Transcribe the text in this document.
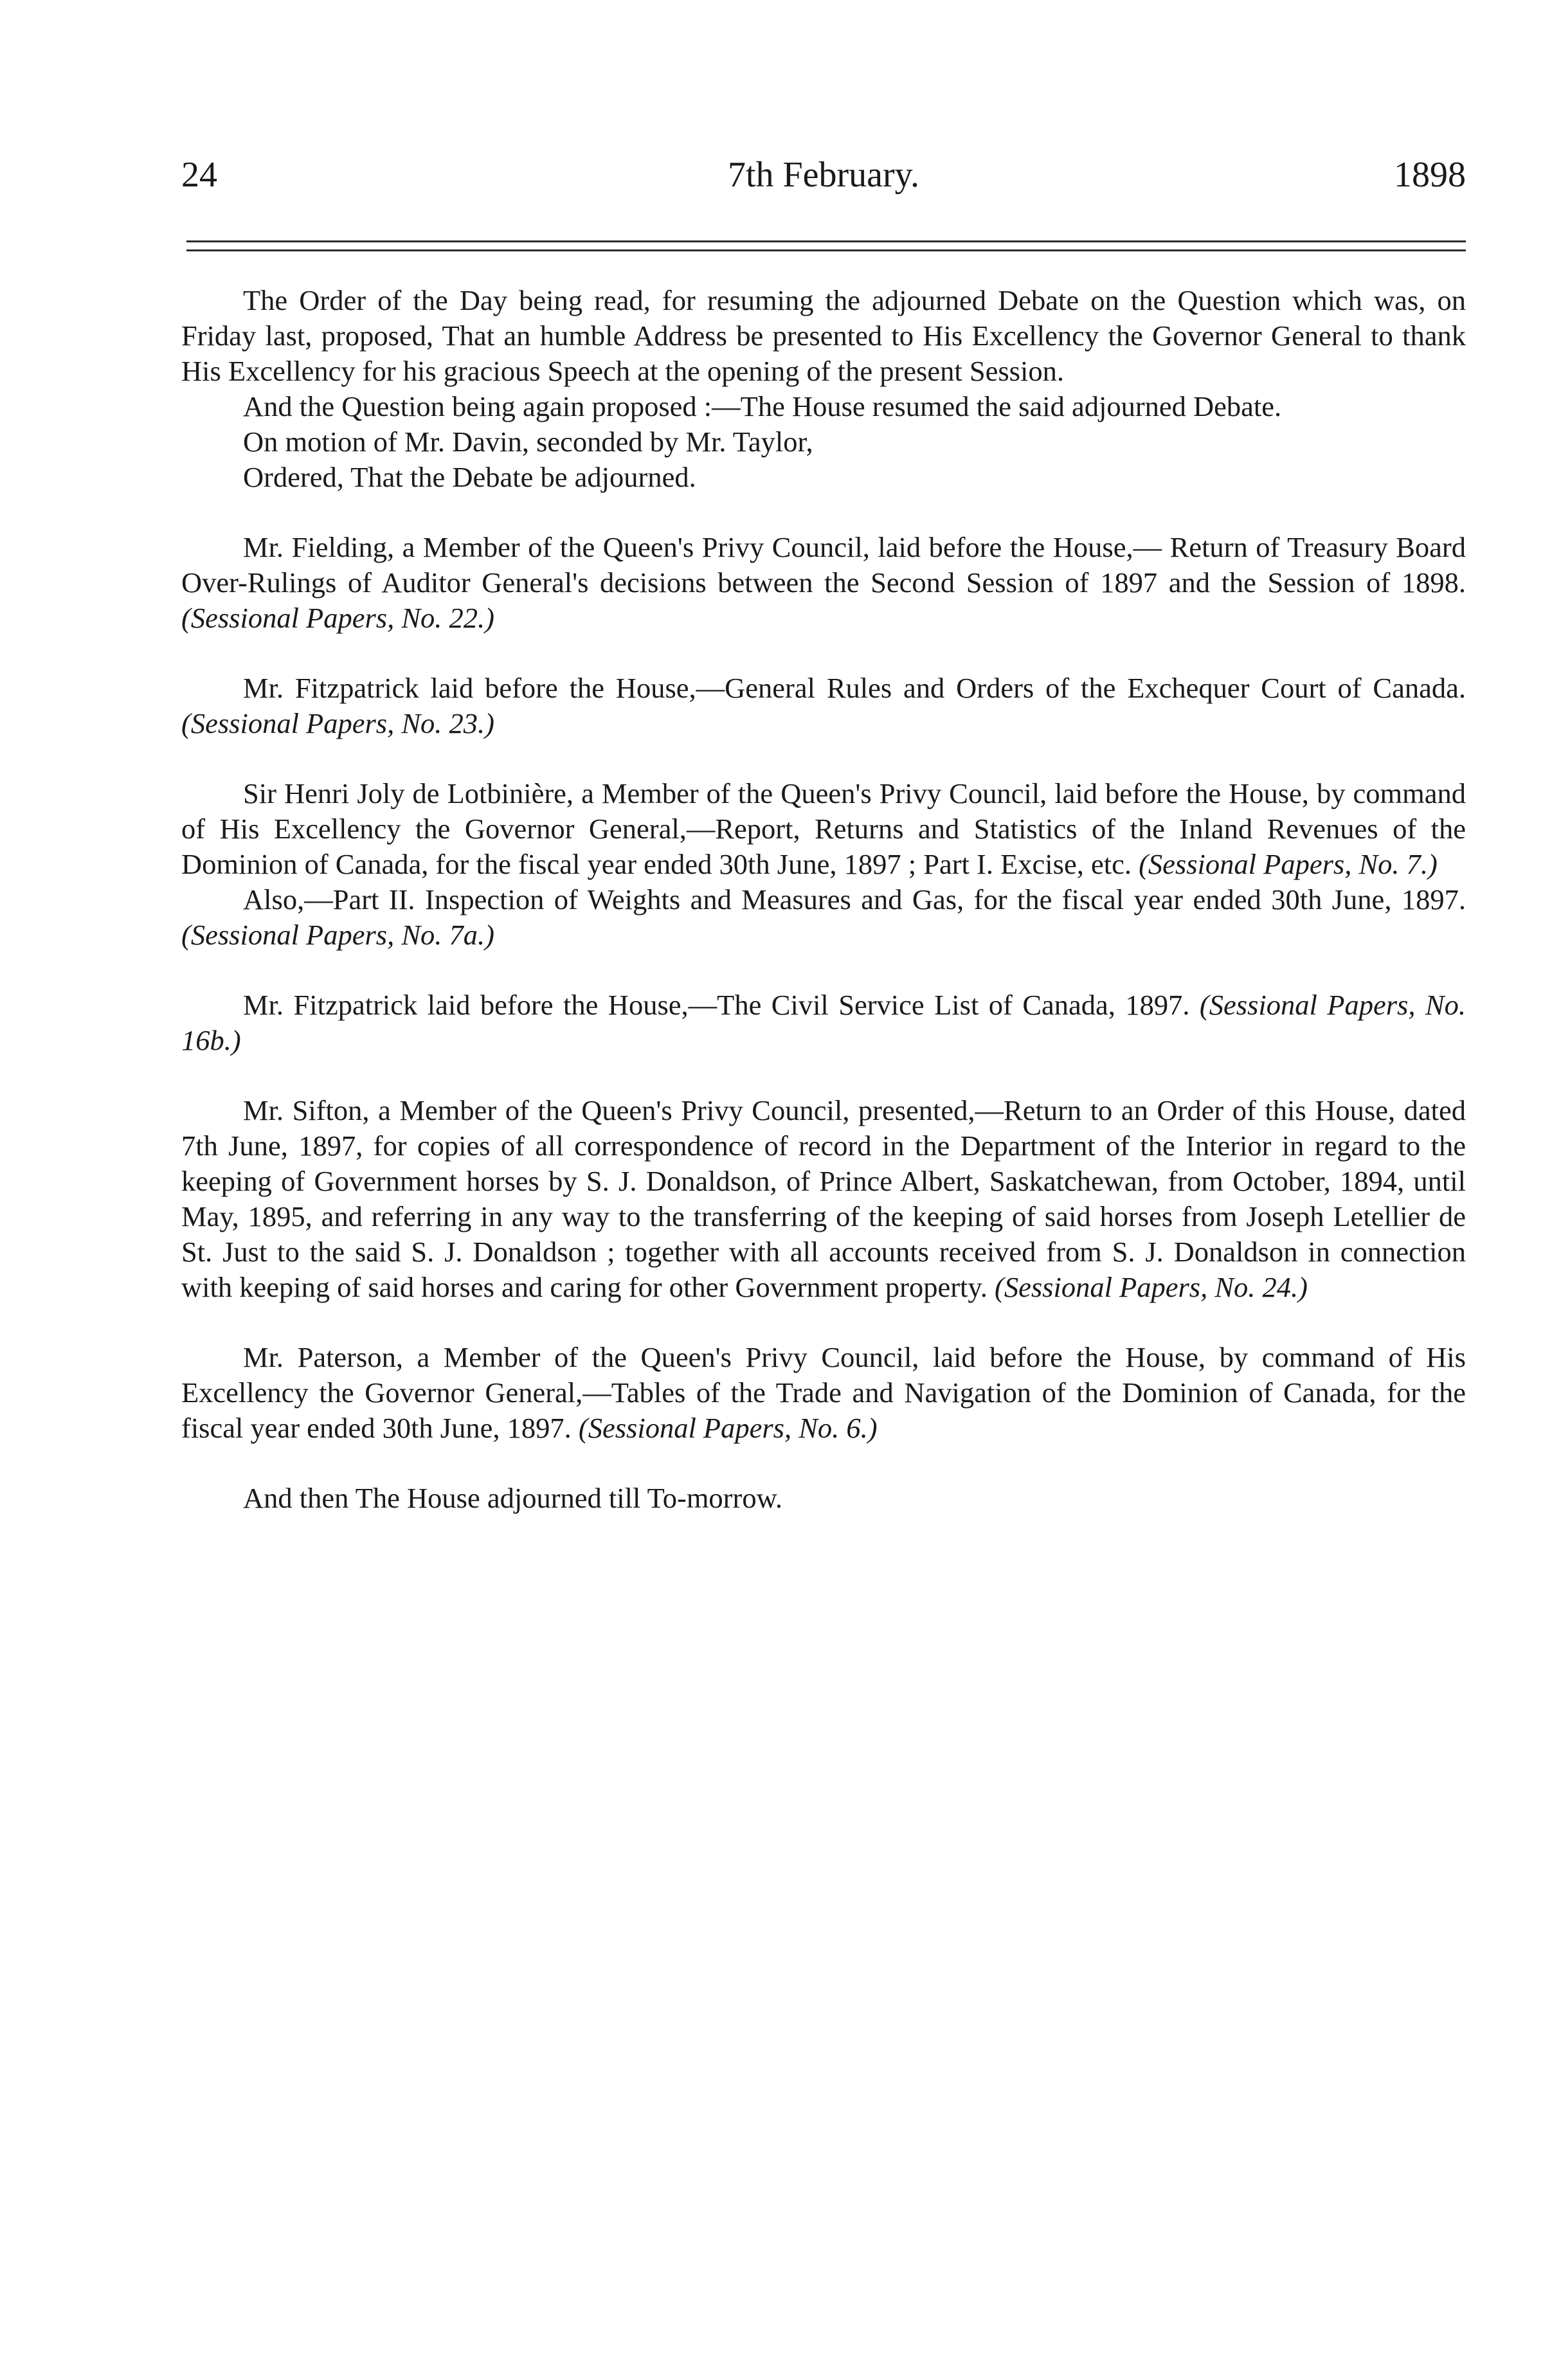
24	7th February.	1898

The Order of the Day being read, for resuming the adjourned Debate on the Question which was, on Friday last, proposed, That an humble Address be presented to His Excellency the Governor General to thank His Excellency for his gracious Speech at the opening of the present Session.

And the Question being again proposed :—The House resumed the said adjourned Debate.

On motion of Mr. Davin, seconded by Mr. Taylor,

Ordered, That the Debate be adjourned.

Mr. Fielding, a Member of the Queen's Privy Council, laid before the House,— Return of Treasury Board Over-Rulings of Auditor General's decisions between the Second Session of 1897 and the Session of 1898. (Sessional Papers, No. 22.)

Mr. Fitzpatrick laid before the House,—General Rules and Orders of the Exchequer Court of Canada. (Sessional Papers, No. 23.)

Sir Henri Joly de Lotbinière, a Member of the Queen's Privy Council, laid before the House, by command of His Excellency the Governor General,—Report, Returns and Statistics of the Inland Revenues of the Dominion of Canada, for the fiscal year ended 30th June, 1897 ; Part I. Excise, etc. (Sessional Papers, No. 7.)

Also,—Part II. Inspection of Weights and Measures and Gas, for the fiscal year ended 30th June, 1897. (Sessional Papers, No. 7a.)

Mr. Fitzpatrick laid before the House,—The Civil Service List of Canada, 1897. (Sessional Papers, No. 16b.)

Mr. Sifton, a Member of the Queen's Privy Council, presented,—Return to an Order of this House, dated 7th June, 1897, for copies of all correspondence of record in the Department of the Interior in regard to the keeping of Government horses by S. J. Donaldson, of Prince Albert, Saskatchewan, from October, 1894, until May, 1895, and referring in any way to the transferring of the keeping of said horses from Joseph Letellier de St. Just to the said S. J. Donaldson ; together with all accounts received from S. J. Donaldson in connection with keeping of said horses and caring for other Government property. (Sessional Papers, No. 24.)

Mr. Paterson, a Member of the Queen's Privy Council, laid before the House, by command of His Excellency the Governor General,—Tables of the Trade and Navigation of the Dominion of Canada, for the fiscal year ended 30th June, 1897. (Sessional Papers, No. 6.)

And then The House adjourned till To-morrow.
